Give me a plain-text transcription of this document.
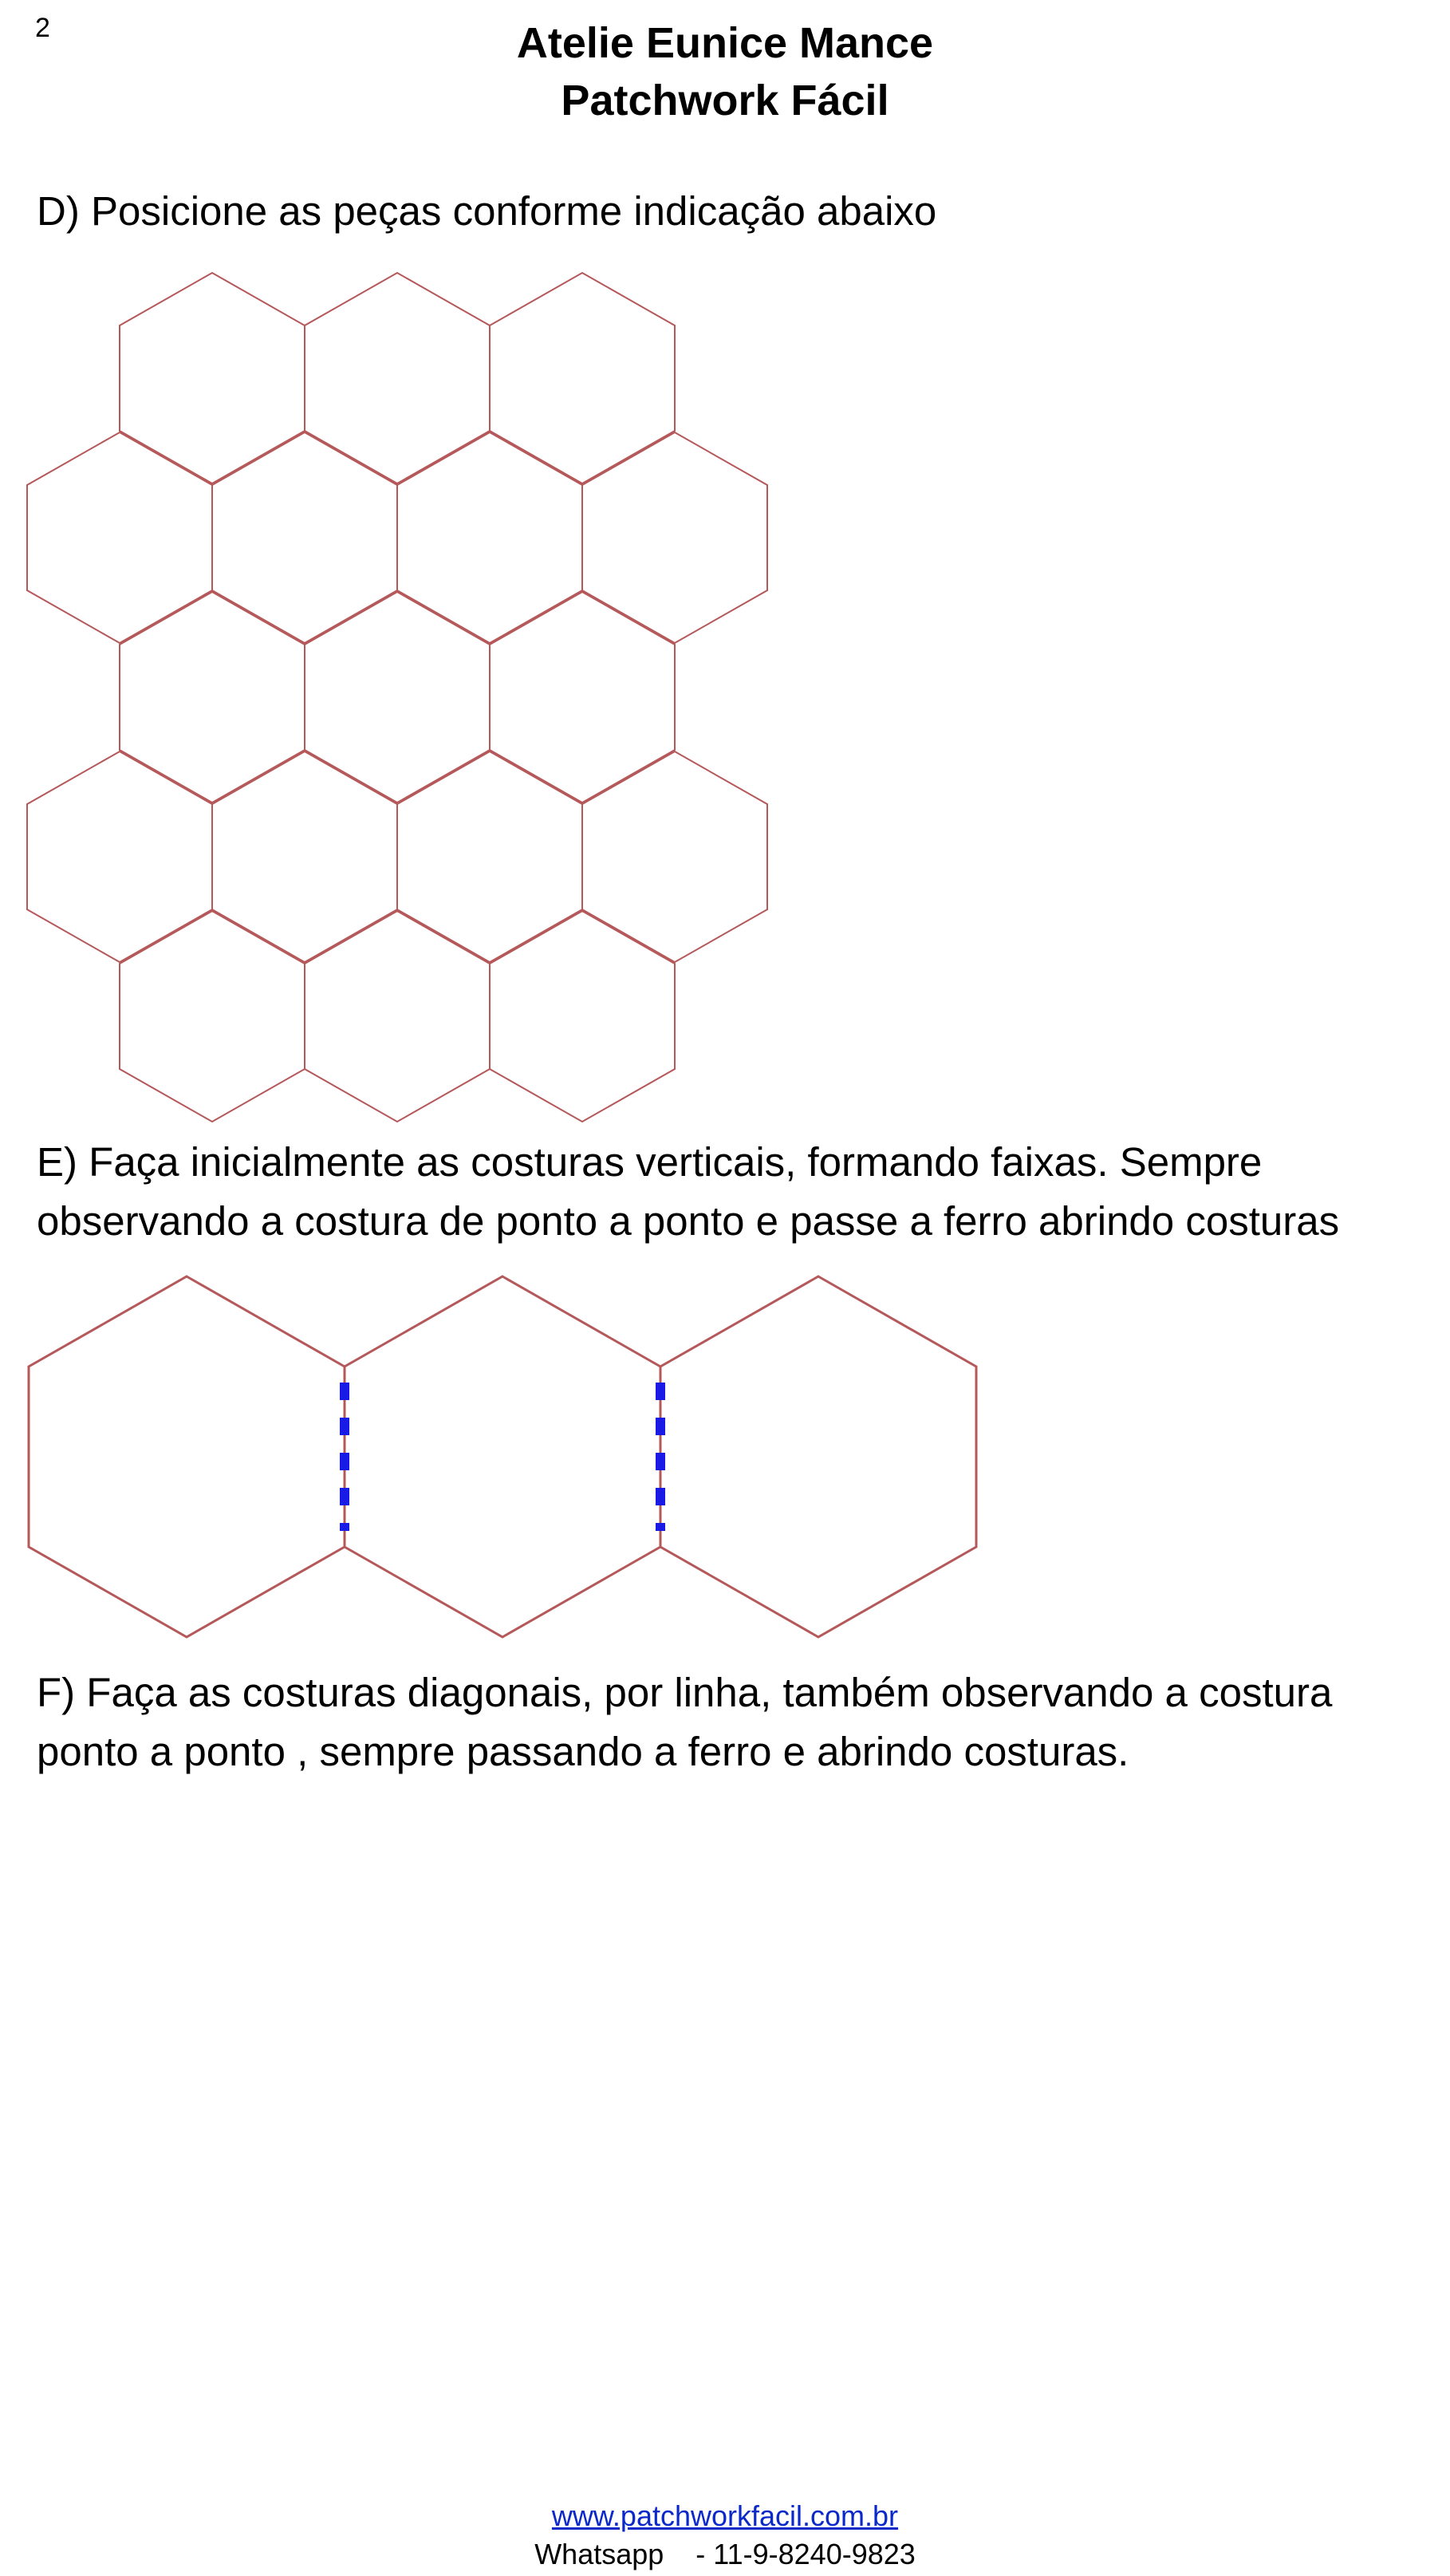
2	Atelie Eunice Mance
Patchwork Fácil
D) Posicione as peças conforme indicação abaixo
E) Faça inicialmente as costuras verticais, formando faixas. Sempre
observando a costura de ponto a ponto e passe a ferro abrindo costuras
F) Faça as costuras diagonais, por linha, também observando a costura
ponto a ponto , sempre passando a ferro e abrindo costuras.
www.patchworkfacil.com.br
Whatsapp    - 11-9-8240-9823
